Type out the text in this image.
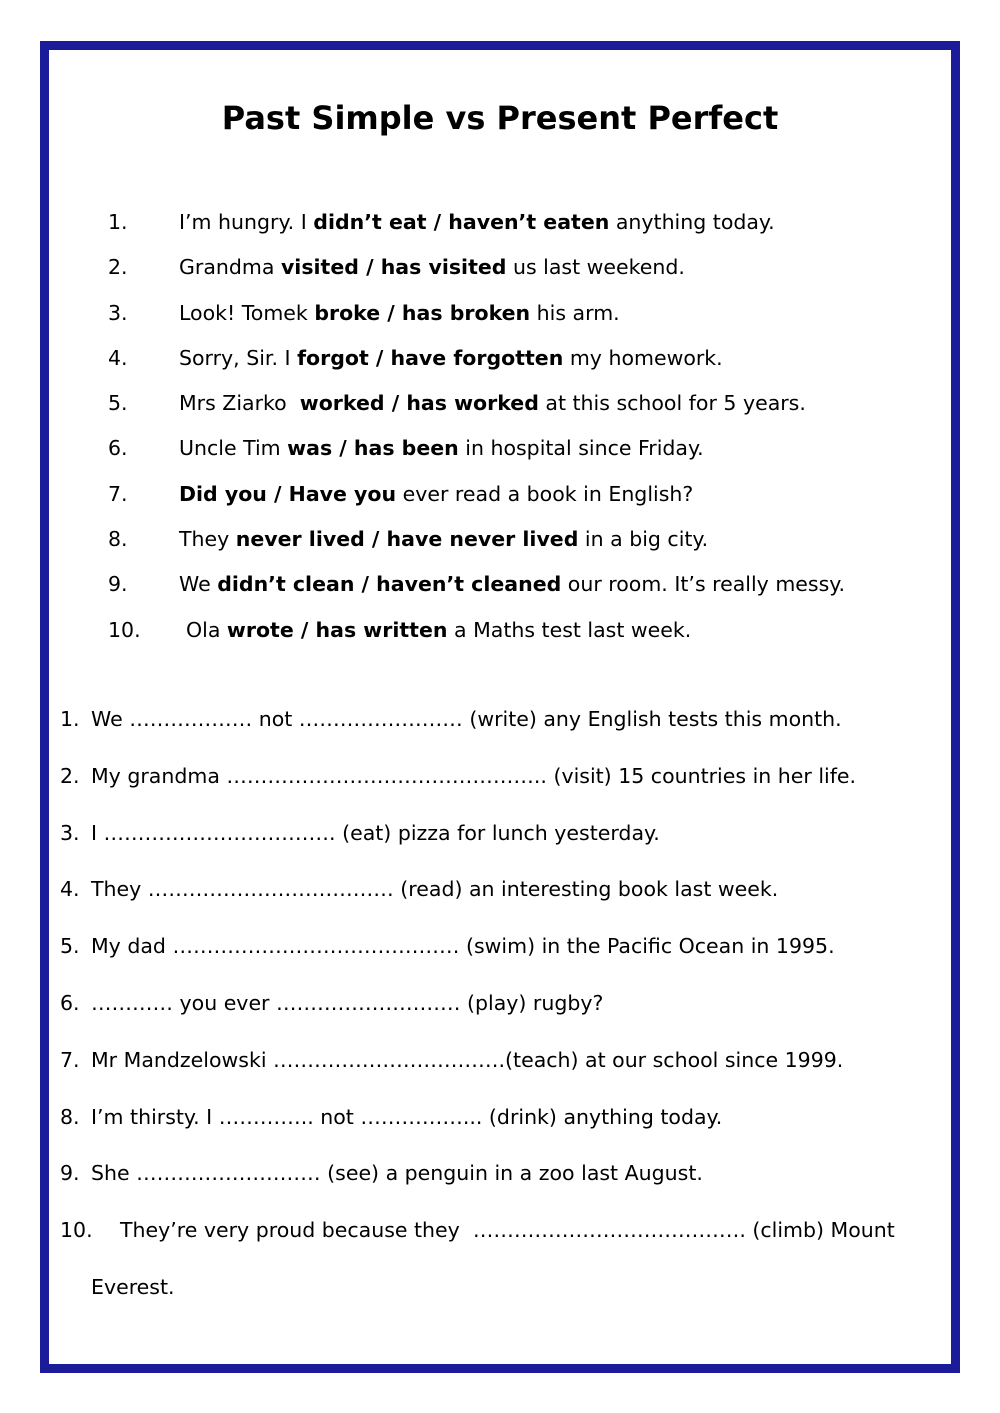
Past Simple vs Present Perfect
1.	I’m hungry. I didn’t eat / haven’t eaten anything today.
2.	Grandma visited / has visited us last weekend.
3.	Look! Tomek broke / has broken his arm.
4.	Sorry, Sir. I forgot / have forgotten my homework.
5.	Mrs Ziarko  worked / has worked at this school for 5 years.
6.	Uncle Tim was / has been in hospital since Friday.
7.	Did you / Have you ever read a book in English?
8.	They never lived / have never lived in a big city.
9.	We didn’t clean / haven’t cleaned our room. It’s really messy.
10. Ola wrote / has written a Maths test last week.
1. We ……………… not …………………… (write) any English tests this month.
2. My grandma ……………………………………….. (visit) 15 countries in her life.
3. I ……………………………. (eat) pizza for lunch yesterday.
4. They ……………………………… (read) an interesting book last week.
5. My dad …………………………………… (swim) in the Pacific Ocean in 1995.
6. ………… you ever ……………………… (play) rugby?
7. Mr Mandzelowski …………………………….(teach) at our school since 1999.
8. I’m thirsty. I ………….. not ……………... (drink) anything today.
9. She ……………………… (see) a penguin in a zoo last August.
10. They’re very proud because they  …………………………………. (climb) Mount
Everest.
